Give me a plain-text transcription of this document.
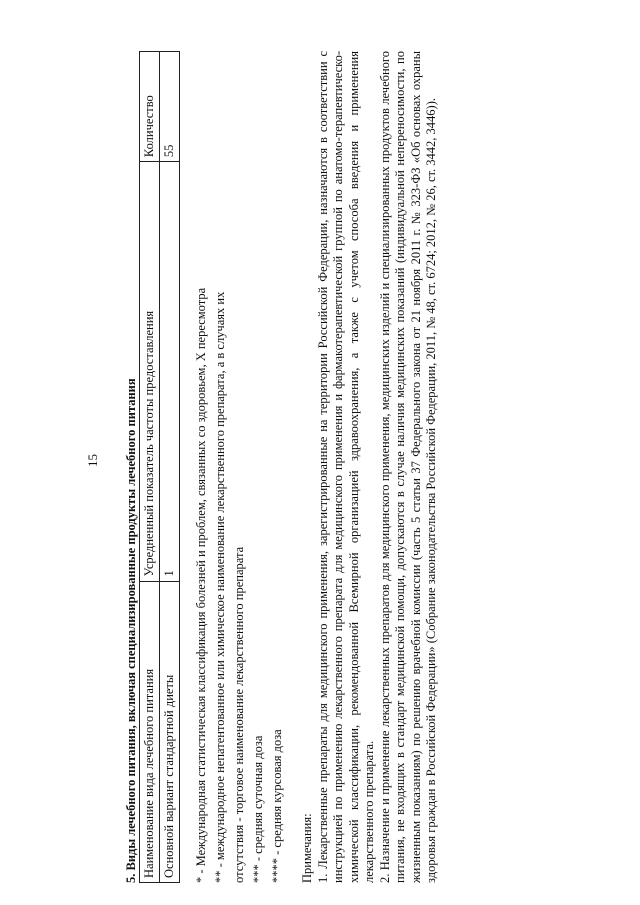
15 5. Виды лечебного питания, включая специализированные продукты лечебного питания Наименование вида лечебного питания	Усредненный показатель частоты предоставления	Количество
Основной вариант стандартной диеты	1	55
* - Международная статистическая классификация болезней и проблем, связанных со здоровьем, X пересмотра ** - международное непатентованное или химическое наименование лекарственного препарата, а в случаях их отсутствия - торговое наименование лекарственного препарата *** - средняя суточная доза **** - средняя курсовая доза Примечания: 1. Лекарственные препараты для медицинского применения, зарегистрированные на территории Российской Федерации, назначаются в соответствии с инструкцией по применению лекарственного препарата для медицинского применения и фармакотерапевтической группой по анатомо-терапевтическо-химической классификации, рекомендованной Всемирной организацией здравоохранения, а также с учетом способа введения и применения лекарственного препарата. 2. Назначение и применение лекарственных препаратов для медицинского применения, медицинских изделий и специализированных продуктов лечебного питания, не входящих в стандарт медицинской помощи, допускаются в случае наличия медицинских показаний (индивидуальной непереносимости, по жизненным показаниям) по решению врачебной комиссии (часть 5 статьи 37 Федерального закона от 21 ноября 2011 г. № 323-ФЗ «Об основах охраны здоровья граждан в Российской Федерации» (Собрание законодательства Российской Федерации, 2011, № 48, ст. 6724; 2012, № 26, ст. 3442, 3446)).
